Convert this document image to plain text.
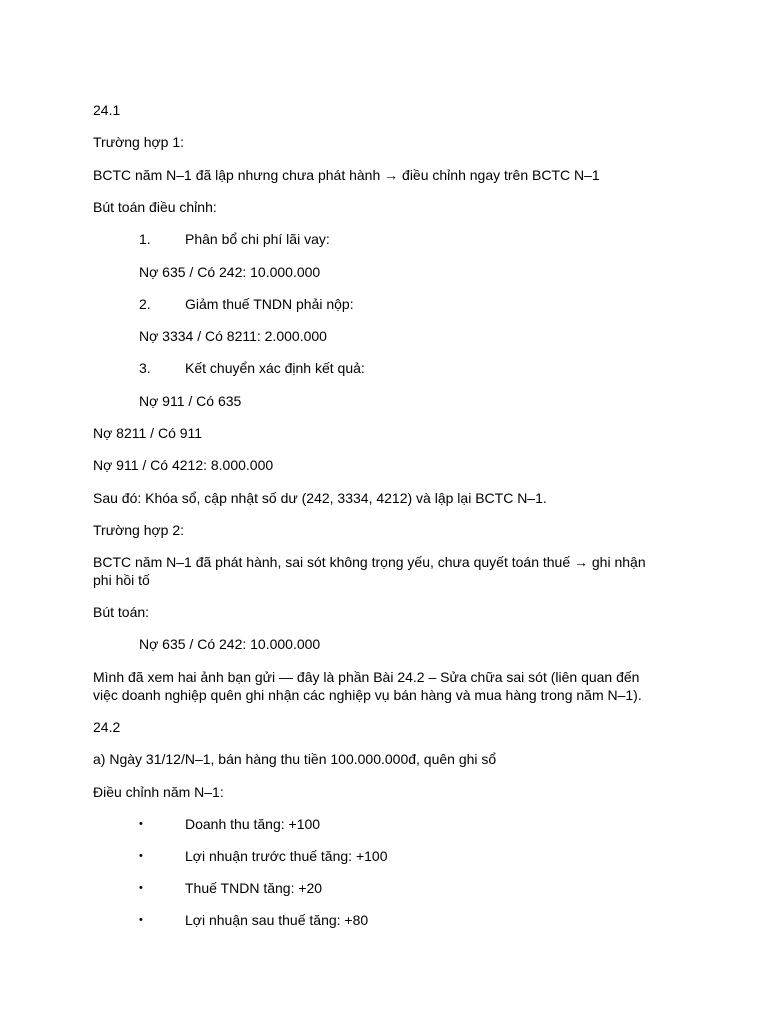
24.1
Trường hợp 1:
BCTC năm N–1 đã lập nhưng chưa phát hành → điều chỉnh ngay trên BCTC N–1
Bút toán điều chỉnh:
1. Phân bổ chi phí lãi vay:
Nợ 635 / Có 242: 10.000.000
2. Giảm thuế TNDN phải nộp:
Nợ 3334 / Có 8211: 2.000.000
3. Kết chuyển xác định kết quả:
Nợ 911 / Có 635
Nợ 8211 / Có 911
Nợ 911 / Có 4212: 8.000.000
Sau đó: Khóa sổ, cập nhật số dư (242, 3334, 4212) và lập lại BCTC N–1.
Trường hợp 2:
BCTC năm N–1 đã phát hành, sai sót không trọng yếu, chưa quyết toán thuế → ghi nhận phi hồi tố
Bút toán:
Nợ 635 / Có 242: 10.000.000
Mình đã xem hai ảnh bạn gửi — đây là phần Bài 24.2 – Sửa chữa sai sót (liên quan đến việc doanh nghiệp quên ghi nhận các nghiệp vụ bán hàng và mua hàng trong năm N–1).
24.2
a) Ngày 31/12/N–1, bán hàng thu tiền 100.000.000đ, quên ghi sổ
Điều chỉnh năm N–1:
•	Doanh thu tăng: +100
•	Lợi nhuận trước thuế tăng: +100
•	Thuế TNDN tăng: +20
•	Lợi nhuận sau thuế tăng: +80
